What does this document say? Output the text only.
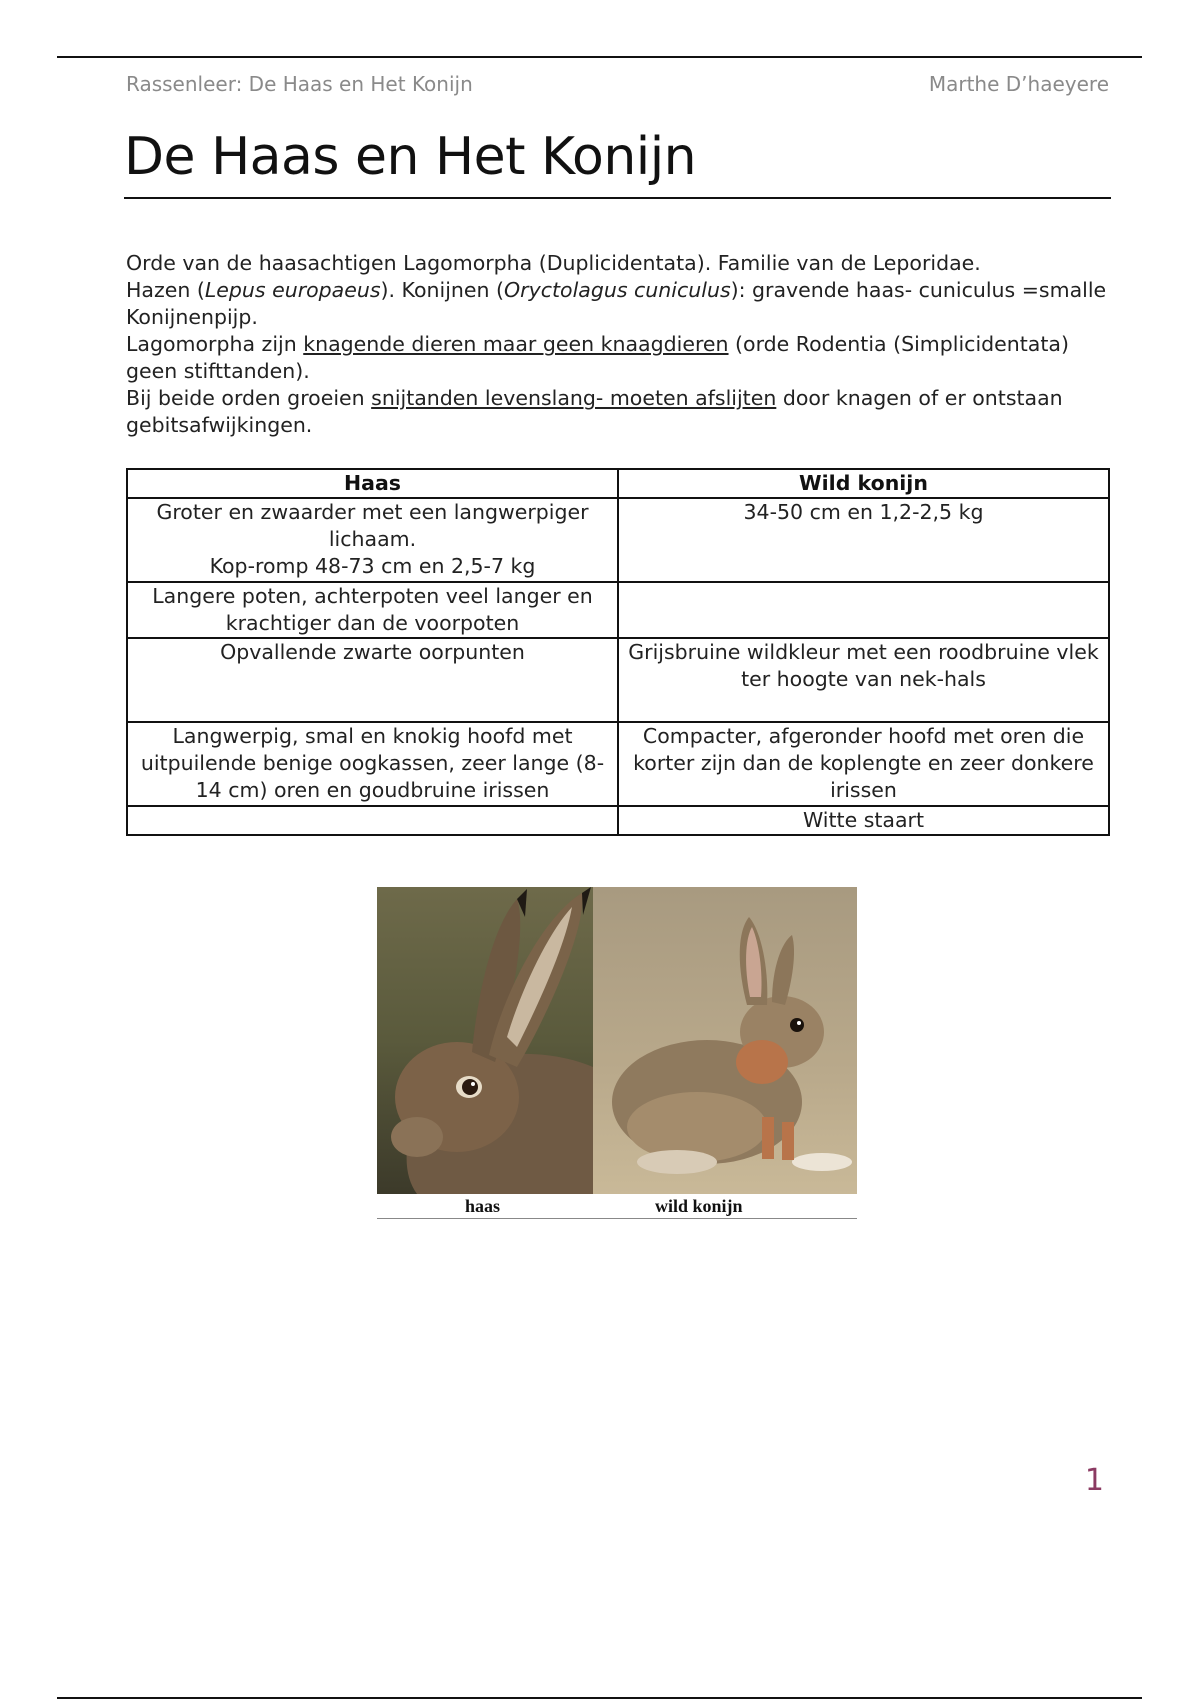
Rassenleer: De Haas en Het Konijn	Marthe D’haeyere
De Haas en Het Konijn

Orde van de haasachtigen Lagomorpha (Duplicidentata). Familie van de Leporidae.

Hazen (Lepus europaeus). Konijnen (Oryctolagus cuniculus): gravende haas- cuniculus =smalle Konijnenpijp.

Lagomorpha zijn knagende dieren maar geen knaagdieren (orde Rodentia (Simplicidentata) geen stifttanden).

Bij beide orden groeien snijtanden levenslang- moeten afslijten door knagen of er ontstaan gebitsafwijkingen.

Haas	Wild konijn

Groter en zwaarder met een langwerpiger lichaam.
Kop-romp 48-73 cm en 2,5-7 kg	34-50 cm en 1,2-2,5 kg
Langere poten, achterpoten veel langer en krachtiger dan de voorpoten	
Opvallende zwarte oorpunten	Grijsbruine wildkleur met een roodbruine vlek ter hoogte van nek-hals
Langwerpig, smal en knokig hoofd met uitpuilende benige oogkassen, zeer lange (8-14 cm) oren en goudbruine irissen	Compacter, afgeronder hoofd met oren die korter zijn dan de koplengte en zeer donkere irissen
	Witte staart
haas	wild konijn
1
